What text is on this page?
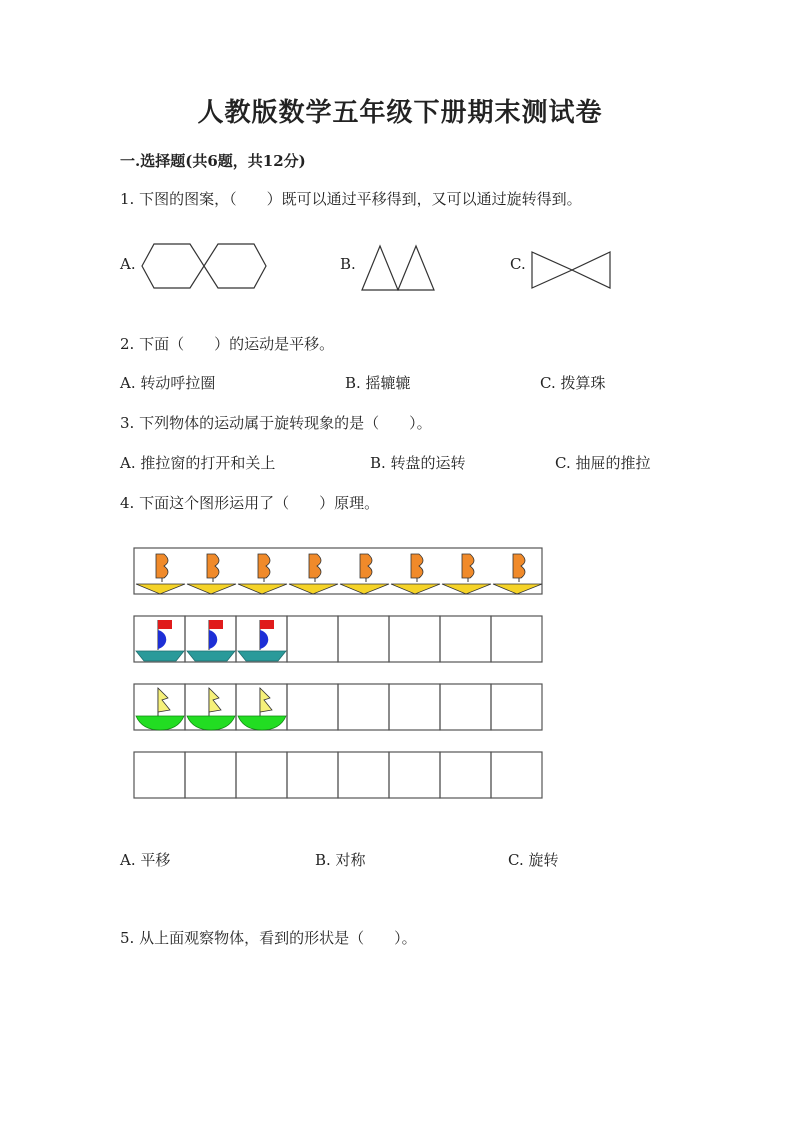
人教版数学五年级下册期末测试卷
一.选择题(共6题，共12分)
1. 下图的图案，（　　）既可以通过平移得到，又可以通过旋转得到。
A.	B.	C.
2. 下面（　　）的运动是平移。
A. 转动呼拉圈	B. 摇辘辘	C. 拨算珠
3. 下列物体的运动属于旋转现象的是（　　）。
A. 推拉窗的打开和关上	B. 转盘的运转	C. 抽屉的推拉
4. 下面这个图形运用了（　　）原理。
A. 平移	B. 对称	C. 旋转
5. 从上面观察物体，看到的形状是（　　）。
